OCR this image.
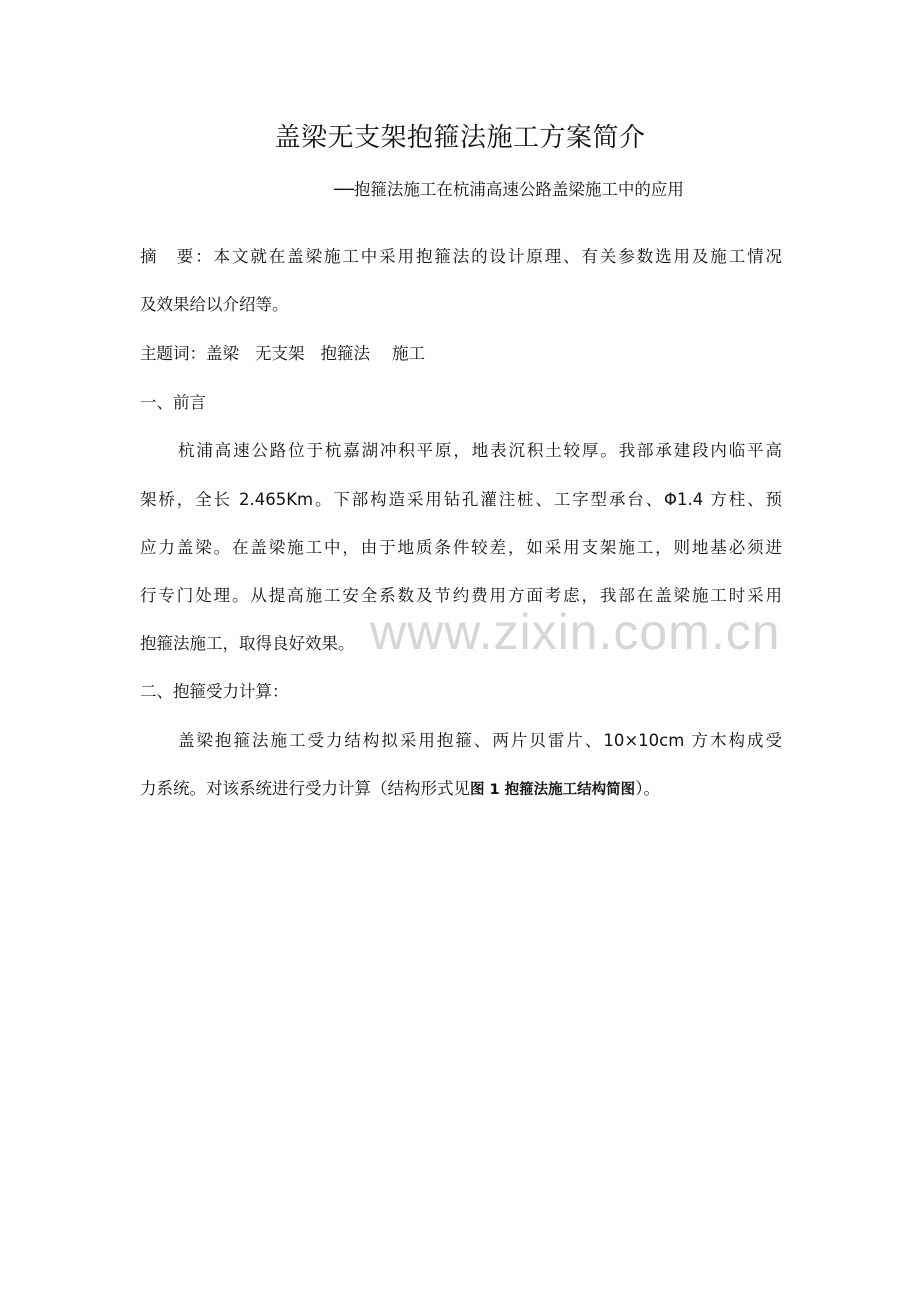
盖梁无支架抱箍法施工方案简介
──抱箍法施工在杭浦高速公路盖梁施工中的应用
摘　要：本文就在盖梁施工中采用抱箍法的设计原理、有关参数选用及施工情况
及效果给以介绍等。
主题词：盖梁 无支架 抱箍法 施工
一、前言
杭浦高速公路位于杭嘉湖冲积平原，地表沉积土较厚。我部承建段内临平高
架桥，全长 2.465Km。下部构造采用钻孔灌注桩、工字型承台、Φ1.4 方柱、预
应力盖梁。在盖梁施工中，由于地质条件较差，如采用支架施工，则地基必须进
行专门处理。从提高施工安全系数及节约费用方面考虑，我部在盖梁施工时采用
抱箍法施工，取得良好效果。
二、抱箍受力计算：
盖梁抱箍法施工受力结构拟采用抱箍、两片贝雷片、10×10cm 方木构成受
力系统。对该系统进行受力计算（结构形式见图 1 抱箍法施工结构简图）。
www.zixin.com.cn
